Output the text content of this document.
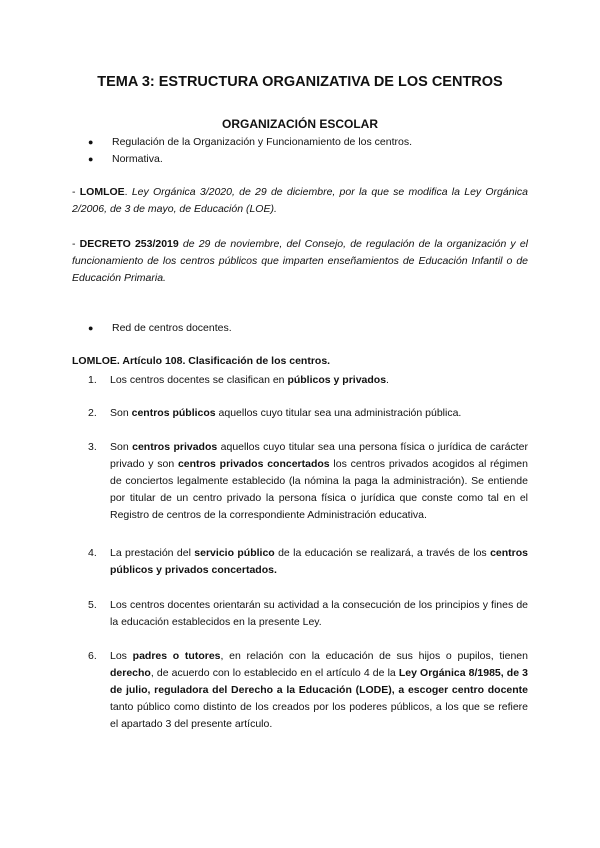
TEMA 3: ESTRUCTURA ORGANIZATIVA DE LOS CENTROS
ORGANIZACIÓN ESCOLAR
● Regulación de la Organización y Funcionamiento de los centros.
● Normativa.
- LOMLOE. Ley Orgánica 3/2020, de 29 de diciembre, por la que se modifica la Ley Orgánica 2/2006, de 3 de mayo, de Educación (LOE).
- DECRETO 253/2019 de 29 de noviembre, del Consejo, de regulación de la organización y el funcionamiento de los centros públicos que imparten enseñamientos de Educación Infantil o de Educación Primaria.
● Red de centros docentes.
LOMLOE. Artículo 108. Clasificación de los centros.
1. Los centros docentes se clasifican en públicos y privados.
2. Son centros públicos aquellos cuyo titular sea una administración pública.
3. Son centros privados aquellos cuyo titular sea una persona física o jurídica de carácter privado y son centros privados concertados los centros privados acogidos al régimen de conciertos legalmente establecido (la nómina la paga la administración). Se entiende por titular de un centro privado la persona física o jurídica que conste como tal en el Registro de centros de la correspondiente Administración educativa.
4. La prestación del servicio público de la educación se realizará, a través de los centros públicos y privados concertados.
5. Los centros docentes orientarán su actividad a la consecución de los principios y fines de la educación establecidos en la presente Ley.
6. Los padres o tutores, en relación con la educación de sus hijos o pupilos, tienen derecho, de acuerdo con lo establecido en el artículo 4 de la Ley Orgánica 8/1985, de 3 de julio, reguladora del Derecho a la Educación (LODE), a escoger centro docente tanto público como distinto de los creados por los poderes públicos, a los que se refiere el apartado 3 del presente artículo.
